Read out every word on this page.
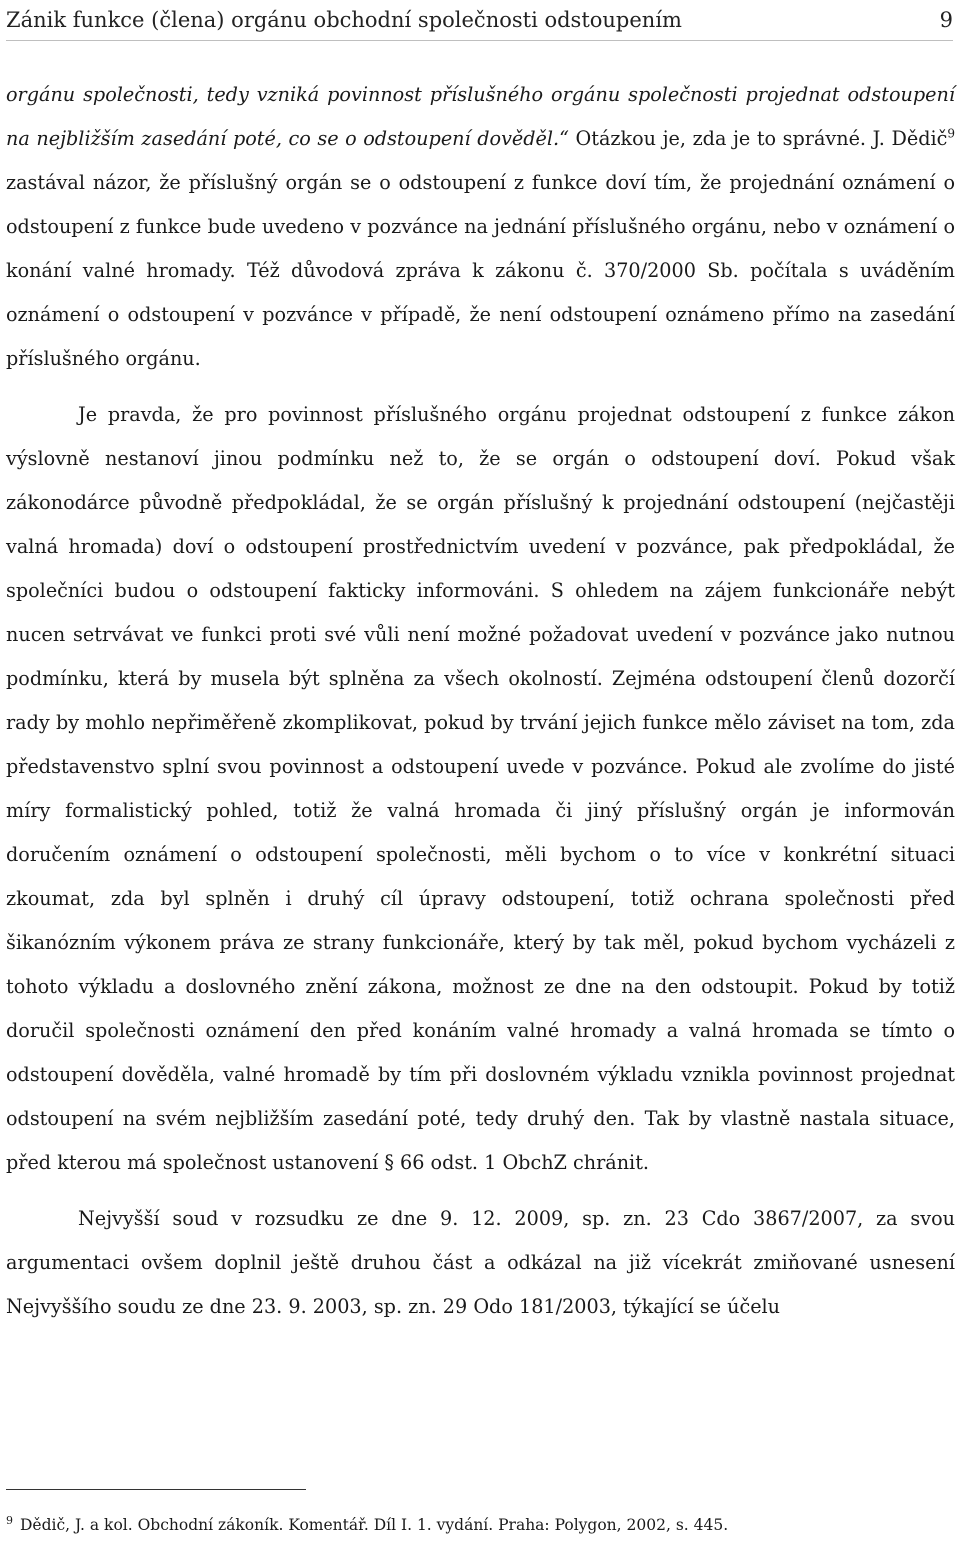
Zánik funkce (člena) orgánu obchodní společnosti odstoupením	9

orgánu společnosti, tedy vzniká povinnost příslušného orgánu společnosti projednat odstoupení na nejbližším zasedání poté, co se o odstoupení dověděl.“ Otázkou je, zda je to správné. J. Dědič$^9$ zastával názor, že příslušný orgán se o odstoupení z funkce doví tím, že projednání oznámení o odstoupení z funkce bude uvedeno v pozvánce na jednání příslušného orgánu, nebo v oznámení o konání valné hromady. Též důvodová zpráva k zákonu č. 370/2000 Sb. počítala s uváděním oznámení o odstoupení v pozvánce v případě, že není odstoupení oznámeno přímo na zasedání příslušného orgánu.

Je pravda, že pro povinnost příslušného orgánu projednat odstoupení z funkce zákon výslovně nestanoví jinou podmínku než to, že se orgán o odstoupení doví. Pokud však zákonodárce původně předpokládal, že se orgán příslušný k projednání odstoupení (nejčastěji valná hromada) doví o odstoupení prostřednictvím uvedení v pozvánce, pak předpokládal, že společníci budou o odstoupení fakticky informováni. S ohledem na zájem funkcionáře nebýt nucen setrvávat ve funkci proti své vůli není možné požadovat uvedení v pozvánce jako nutnou podmínku, která by musela být splněna za všech okolností. Zejména odstoupení členů dozorčí rady by mohlo nepřiměřeně zkomplikovat, pokud by trvání jejich funkce mělo záviset na tom, zda představenstvo splní svou povinnost a odstoupení uvede v pozvánce. Pokud ale zvolíme do jisté míry formalistický pohled, totiž že valná hromada či jiný příslušný orgán je informován doručením oznámení o odstoupení společnosti, měli bychom o to více v konkrétní situaci zkoumat, zda byl splněn i druhý cíl úpravy odstoupení, totiž ochrana společnosti před šikanózním výkonem práva ze strany funkcionáře, který by tak měl, pokud bychom vycházeli z tohoto výkladu a doslovného znění zákona, možnost ze dne na den odstoupit. Pokud by totiž doručil společnosti oznámení den před konáním valné hromady a valná hromada se tímto o odstoupení dověděla, valné hromadě by tím při doslovném výkladu vznikla povinnost projednat odstoupení na svém nejbližším zasedání poté, tedy druhý den. Tak by vlastně nastala situace, před kterou má společnost ustanovení § 66 odst. 1 ObchZ chránit.

Nejvyšší soud v rozsudku ze dne 9. 12. 2009, sp. zn. 23 Cdo 3867/2007, za svou argumentaci ovšem doplnil ještě druhou část a odkázal na již vícekrát zmiňované usnesení Nejvyššího soudu ze dne 23. 9. 2003, sp. zn. 29 Odo 181/2003, týkající se účelu

$^9$ Dědič, J. a kol. Obchodní zákoník. Komentář. Díl I. 1. vydání. Praha: Polygon, 2002, s. 445.
